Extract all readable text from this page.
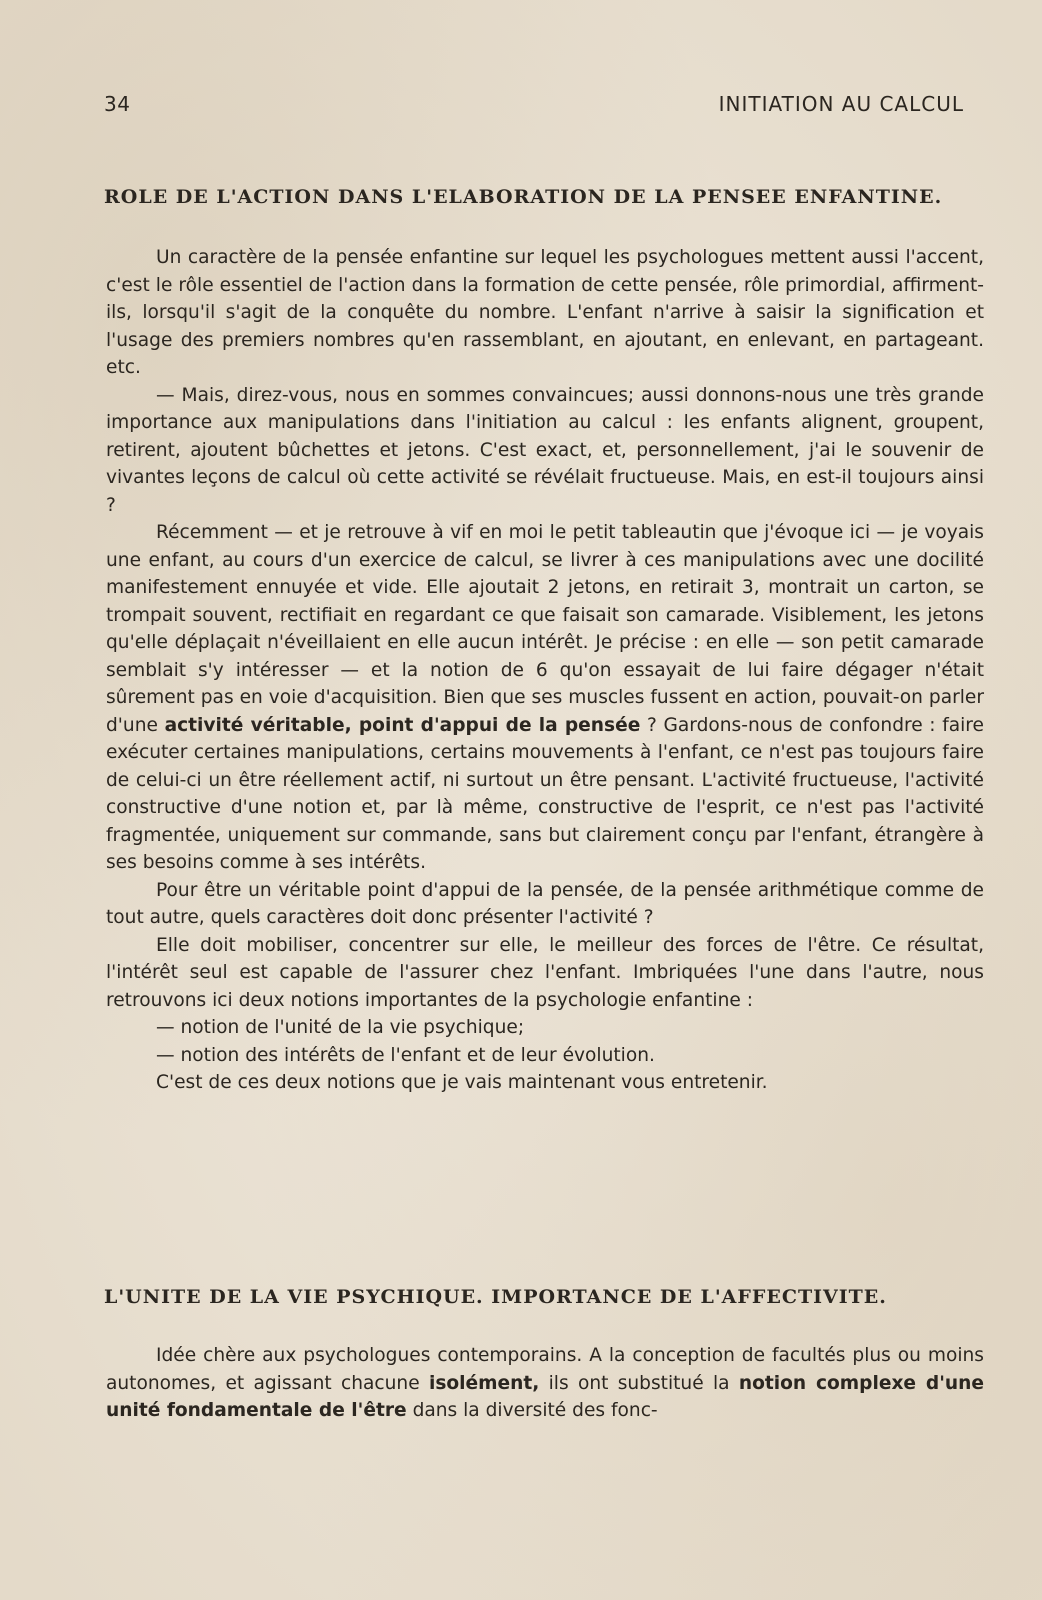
34	INITIATION AU CALCUL
ROLE DE L'ACTION DANS L'ELABORATION DE LA PENSEE ENFANTINE.

Un caractère de la pensée enfantine sur lequel les psychologues mettent aussi l'accent, c'est le rôle essentiel de l'action dans la formation de cette pensée, rôle primordial, affirment-ils, lorsqu'il s'agit de la conquête du nombre. L'enfant n'arrive à saisir la signification et l'usage des premiers nombres qu'en rassemblant, en ajoutant, en enlevant, en partageant. etc.

— Mais, direz-vous, nous en sommes convaincues; aussi donnons-nous une très grande importance aux manipulations dans l'initiation au calcul : les enfants alignent, groupent, retirent, ajoutent bûchettes et jetons. C'est exact, et, personnellement, j'ai le souvenir de vivantes leçons de calcul où cette activité se révélait fructueuse. Mais, en est-il toujours ainsi ?

Récemment — et je retrouve à vif en moi le petit tableautin que j'évoque ici — je voyais une enfant, au cours d'un exercice de calcul, se livrer à ces manipulations avec une docilité manifestement ennuyée et vide. Elle ajoutait 2 jetons, en retirait 3, montrait un carton, se trompait souvent, rectifiait en regardant ce que faisait son camarade. Visiblement, les jetons qu'elle déplaçait n'éveillaient en elle aucun intérêt. Je précise : en elle — son petit camarade semblait s'y intéresser — et la notion de 6 qu'on essayait de lui faire dégager n'était sûrement pas en voie d'acquisition. Bien que ses muscles fussent en action, pouvait-on parler d'une activité véritable, point d'appui de la pensée ? Gardons-nous de confondre : faire exécuter certaines manipulations, certains mouvements à l'enfant, ce n'est pas toujours faire de celui-ci un être réellement actif, ni surtout un être pensant. L'activité fructueuse, l'activité constructive d'une notion et, par là même, constructive de l'esprit, ce n'est pas l'activité fragmentée, uniquement sur commande, sans but clairement conçu par l'enfant, étrangère à ses besoins comme à ses intérêts.

Pour être un véritable point d'appui de la pensée, de la pensée arithmétique comme de tout autre, quels caractères doit donc présenter l'activité ?

Elle doit mobiliser, concentrer sur elle, le meilleur des forces de l'être. Ce résultat, l'intérêt seul est capable de l'assurer chez l'enfant. Imbriquées l'une dans l'autre, nous retrouvons ici deux notions importantes de la psychologie enfantine :

— notion de l'unité de la vie psychique;

— notion des intérêts de l'enfant et de leur évolution.

C'est de ces deux notions que je vais maintenant vous entretenir.

L'UNITE DE LA VIE PSYCHIQUE. IMPORTANCE DE L'AFFECTIVITE.

Idée chère aux psychologues contemporains. A la conception de facultés plus ou moins autonomes, et agissant chacune isolément, ils ont substitué la notion complexe d'une unité fondamentale de l'être dans la diversité des fonc-
